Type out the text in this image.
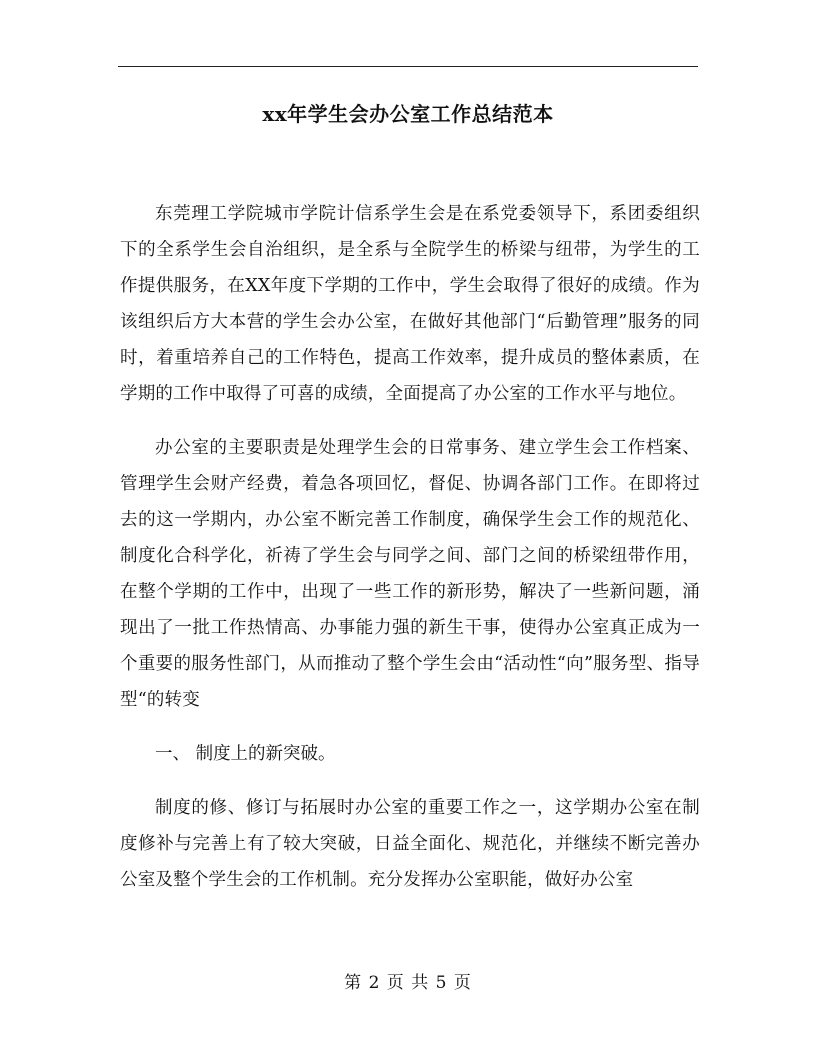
xx年学生会办公室工作总结范本

东莞理工学院城市学院计信系学生会是在系党委领导下，系团委组织下的全系学生会自治组织，是全系与全院学生的桥梁与纽带，为学生的工作提供服务，在XX年度下学期的工作中，学生会取得了很好的成绩。作为该组织后方大本营的学生会办公室，在做好其他部门“后勤管理”服务的同时，着重培养自己的工作特色，提高工作效率，提升成员的整体素质，在学期的工作中取得了可喜的成绩，全面提高了办公室的工作水平与地位。

办公室的主要职责是处理学生会的日常事务、建立学生会工作档案、管理学生会财产经费，着急各项回忆，督促、协调各部门工作。在即将过去的这一学期内，办公室不断完善工作制度，确保学生会工作的规范化、制度化合科学化，祈祷了学生会与同学之间、部门之间的桥梁纽带作用，在整个学期的工作中，出现了一些工作的新形势，解决了一些新问题，涌现出了一批工作热情高、办事能力强的新生干事，使得办公室真正成为一个重要的服务性部门，从而推动了整个学生会由“活动性“向”服务型、指导型“的转变

一、 制度上的新突破。

制度的修、修订与拓展时办公室的重要工作之一，这学期办公室在制度修补与完善上有了较大突破，日益全面化、规范化，并继续不断完善办公室及整个学生会的工作机制。充分发挥办公室职能，做好办公室

第 2 页 共 5 页
